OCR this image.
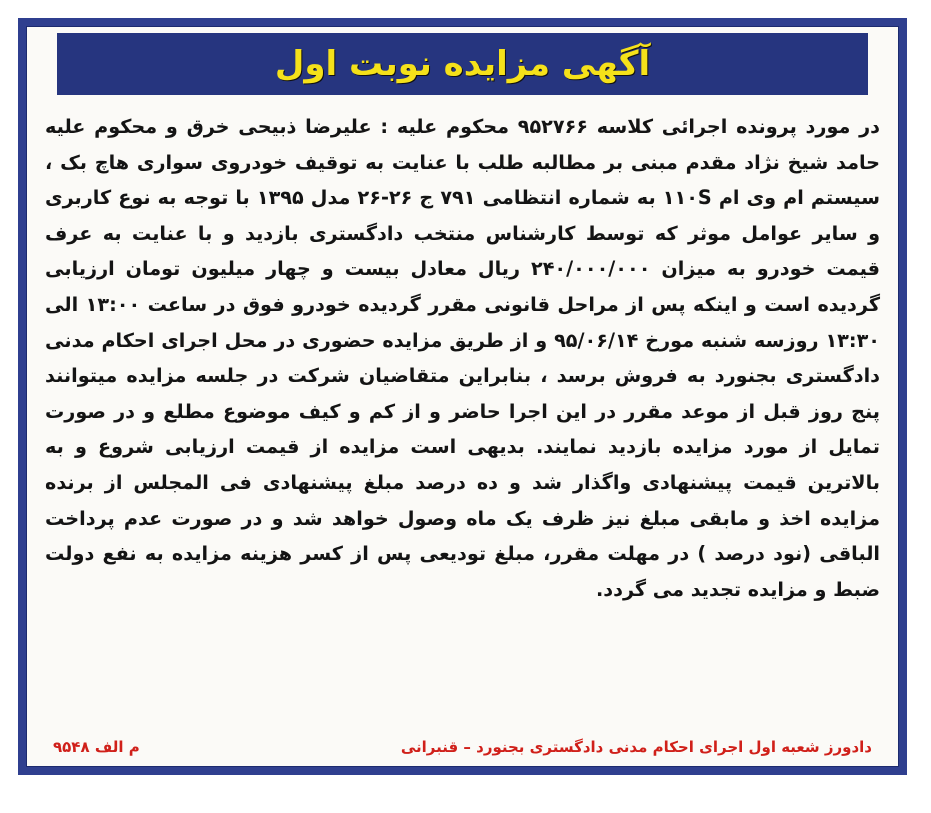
آگهی مزایده نوبت اول
در مورد پرونده اجرائی کلاسه ۹۵۲۷۶۶ محکوم علیه : علیرضا ذبیحی خرق و محکوم علیه حامد شیخ نژاد مقدم مبنی بر مطالبه طلب با عنایت به توقیف خودروی سواری هاچ بک ، سیستم ام وی ام ۱۱۰S به شماره انتظامی ۷۹۱ ج ۲۶-۲۶ مدل ۱۳۹۵ با توجه به نوع کاربری و سایر عوامل موثر که توسط کارشناس منتخب دادگستری بازدید و با عنایت به عرف قیمت خودرو به میزان ۲۴۰/۰۰۰/۰۰۰ ریال معادل بیست و چهار میلیون تومان ارزیابی گردیده است و اینکه پس از مراحل قانونی مقرر گردیده خودرو فوق در ساعت ۱۳:۰۰ الی ۱۳:۳۰ روزسه شنبه مورخ ۹۵/۰۶/۱۴ و از طریق مزایده حضوری در محل اجرای احکام مدنی دادگستری بجنورد به فروش برسد ، بنابراین متقاضیان شرکت در جلسه مزایده میتوانند پنج روز قبل از موعد مقرر در این اجرا حاضر و از کم و کیف موضوع مطلع و در صورت تمایل از مورد مزایده بازدید نمایند. بدیهی است مزایده از قیمت ارزیابی شروع و به بالاترین قیمت پیشنهادی واگذار شد و ده درصد مبلغ پیشنهادی فی المجلس از برنده مزایده اخذ و مابقی مبلغ نیز ظرف یک ماه وصول خواهد شد و در صورت عدم پرداخت الباقی (نود درصد ) در مهلت مقرر، مبلغ تودیعی پس از کسر هزینه مزایده به نفع دولت ضبط و مزایده تجدید می گردد.
دادورز شعبه اول اجرای احکام مدنی دادگستری بجنورد – قنبرانی
م الف ۹۵۴۸
